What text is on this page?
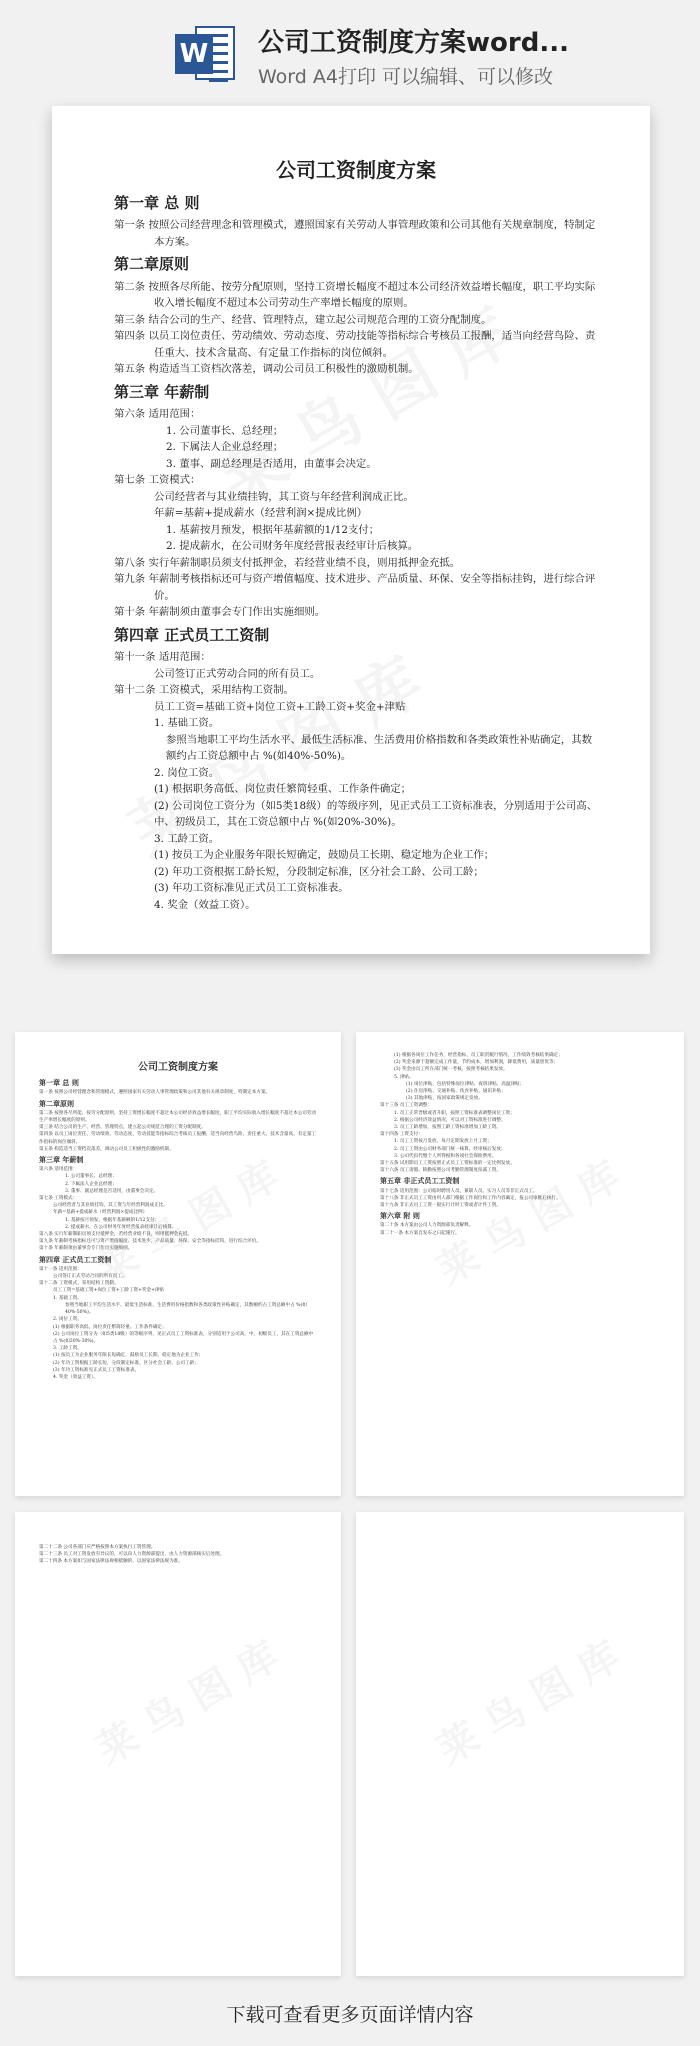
W 公司工资制度方案word...
Word A4打印 可以编辑、可以修改
公司工资制度方案
第一章 总 则
第一条 按照公司经营理念和管理模式，遵照国家有关劳动人事管理政策和公司其他有关规章制度，特制定本方案。
第二章原则
第二条 按照各尽所能、按劳分配原则，坚持工资增长幅度不超过本公司经济效益增长幅度，职工平均实际收入增长幅度不超过本公司劳动生产率增长幅度的原则。
第三条 结合公司的生产、经营、管理特点，建立起公司规范合理的工资分配制度。
第四条 以员工岗位责任、劳动绩效、劳动态度、劳动技能等指标综合考核员工报酬，适当向经营鸟险、责任重大、技术含量高、有定量工作指标的岗位倾斜。
第五条 构造适当工资档次落差，调动公司员工积极性的激励机制。
第三章 年薪制
第六条 适用范围：
1. 公司董事长、总经理；
2. 下属法人企业总经理；
3. 董事、副总经理是否适用，由董事会决定。
第七条 工资模式：
公司经营者与其业绩挂钩，其工资与年经营利润成正比。
年薪=基薪+提成薪水（经营利润×提成比例）
1. 基薪按月预发，根据年基薪额的1/12支付；
2. 提成薪水，在公司财务年度经营报表经审计后核算。
第八条 实行年薪制职员须支付抵押金，若经营业绩不良，则用抵押金充抵。
第九条 年薪制考核指标还可与资产增值幅度、技术进步、产品质量、环保、安全等指标挂钩，进行综合评价。
第十条 年薪制须由董事会专门作出实施细则。
第四章 正式员工工资制
第十一条 适用范围：
公司签订正式劳动合同的所有员工。
第十二条 工资模式，采用结构工资制。
员工工资=基础工资+岗位工资+工龄工资+奖金+津贴
1. 基础工资。
参照当地职工平均生活水平、最低生活标准、生活费用价格指数和各类政策性补贴确定，其数额约占工资总额中占 %(如40%-50%)。
2. 岗位工资。
(1) 根据职务高低、岗位责任繁简轻重、工作条件确定；
(2) 公司岗位工资分为（如5类18级）的等级序列，见正式员工工资标准表，分别适用于公司高、中、初级员工，其在工资总额中占 %(如20%-30%)。
3. 工龄工资。
(1) 按员工为企业服务年限长短确定，鼓励员工长期、稳定地为企业工作；
(2) 年功工资根据工龄长短，分段制定标准，区分社会工龄、公司工龄；
(3) 年功工资标准见正式员工工资标准表。
4. 奖金（效益工资）。
公司工资制度方案
第一章 总 则
第一条 按照公司经营理念和管理模式，遵照国家有关劳动人事管理政策和公司其他有关规章制度，特制定本方案。
第二章原则
第二条 按照各尽所能、按劳分配原则，坚持工资增长幅度不超过本公司经济效益增长幅度，职工平均实际收入增长幅度不超过本公司劳动生产率增长幅度的原则。
第三条 结合公司的生产、经营、管理特点，建立起公司规范合理的工资分配制度。
第四条 以员工岗位责任、劳动绩效、劳动态度、劳动技能等指标综合考核员工报酬，适当向经营鸟险、责任重大、技术含量高、有定量工作指标的岗位倾斜。
第五条 构造适当工资档次落差，调动公司员工积极性的激励机制。
第三章 年薪制
第六条 适用范围：
1. 公司董事长、总经理；
2. 下属法人企业总经理；
3. 董事、副总经理是否适用，由董事会决定。
第七条 工资模式：
公司经营者与其业绩挂钩，其工资与年经营利润成正比。
年薪=基薪+提成薪水（经营利润×提成比例）
1. 基薪按月预发，根据年基薪额的1/12支付；
2. 提成薪水，在公司财务年度经营报表经审计后核算。
第八条 实行年薪制职员须支付抵押金，若经营业绩不良，则用抵押金充抵。
第九条 年薪制考核指标还可与资产增值幅度、技术进步、产品质量、环保、安全等指标挂钩，进行综合评价。
第十条 年薪制须由董事会专门作出实施细则。
第四章 正式员工工资制
第十一条 适用范围：
公司签订正式劳动合同的所有员工。
第十二条 工资模式，采用结构工资制。
员工工资=基础工资+岗位工资+工龄工资+奖金+津贴
1. 基础工资。
参照当地职工平均生活水平、最低生活标准、生活费用价格指数和各类政策性补贴确定，其数额约占工资总额中占 %(如40%-50%)。
2. 岗位工资。
(1) 根据职务高低、岗位责任繁简轻重、工作条件确定；
(2) 公司岗位工资分为（如5类18级）的等级序列，见正式员工工资标准表，分别适用于公司高、中、初级员工，其在工资总额中占 %(如20%-30%)。
3. 工龄工资。
(1) 按员工为企业服务年限长短确定，鼓励员工长期、稳定地为企业工作；
(2) 年功工资根据工龄长短，分段制定标准，区分社会工龄、公司工龄；
(3) 年功工资标准见正式员工工资标准表。
4. 奖金（效益工资）。
(1) 根据各岗位工作任务，经营指标，员工职责履行情况，工作绩效考核结果确定；
(2) 奖金来源于超额完成工作量，节约成本，增加利润，降低费用，质量创优等；
(3) 奖金由员工所在部门统一考核，按照考核结果发放。
5. 津贴。
(1) 岗位津贴，包括特殊岗位津贴、夜班津贴、高温津贴；
(2) 住房津贴、交通补贴、伙食补贴、通讯补贴；
(3) 其他津贴，按国家政策规定发放。
第十三条 员工工资调整：
1. 员工正常晋级或者升职，按照工资标准表调整岗位工资；
2. 根据公司经济效益情况，可以对工资标准进行调整；
3. 员工工龄增加，按照工龄工资标准增加工龄工资。
第十四条 工资支付：
1. 员工工资按月发放，每月定期发放上月工资；
2. 员工工资由公司财务部门统一核算，经审核后发放；
3. 公司代扣代缴个人所得税和各项社会保险费用。
第十五条 试用期员工工资按照正式员工工资标准的一定比例发放。
第十六条 员工请假、缺勤按照公司考勤管理制度扣减工资。
第五章 非正式员工工资制
第十七条 适用范围：公司临时聘用人员、兼职人员、实习人员等非正式员工。
第十八条 非正式员工工资由用人部门根据工作岗位和工作内容确定，报公司审批后执行。
第十九条 非正式员工工资一般实行计时工资或者计件工资。
第六章 附 则
第二十条 本方案由公司人力资源部负责解释。
第二十一条 本方案自发布之日起施行。
第二十二条 公司各部门应严格按照本方案执行工资管理。
第二十三条 员工对工资发放有异议的，可以向人力资源部提出，由人力资源部核实后处理。
第二十四条 本方案如与国家法律法规相抵触的，以国家法律法规为准。
下载可查看更多页面详情内容
